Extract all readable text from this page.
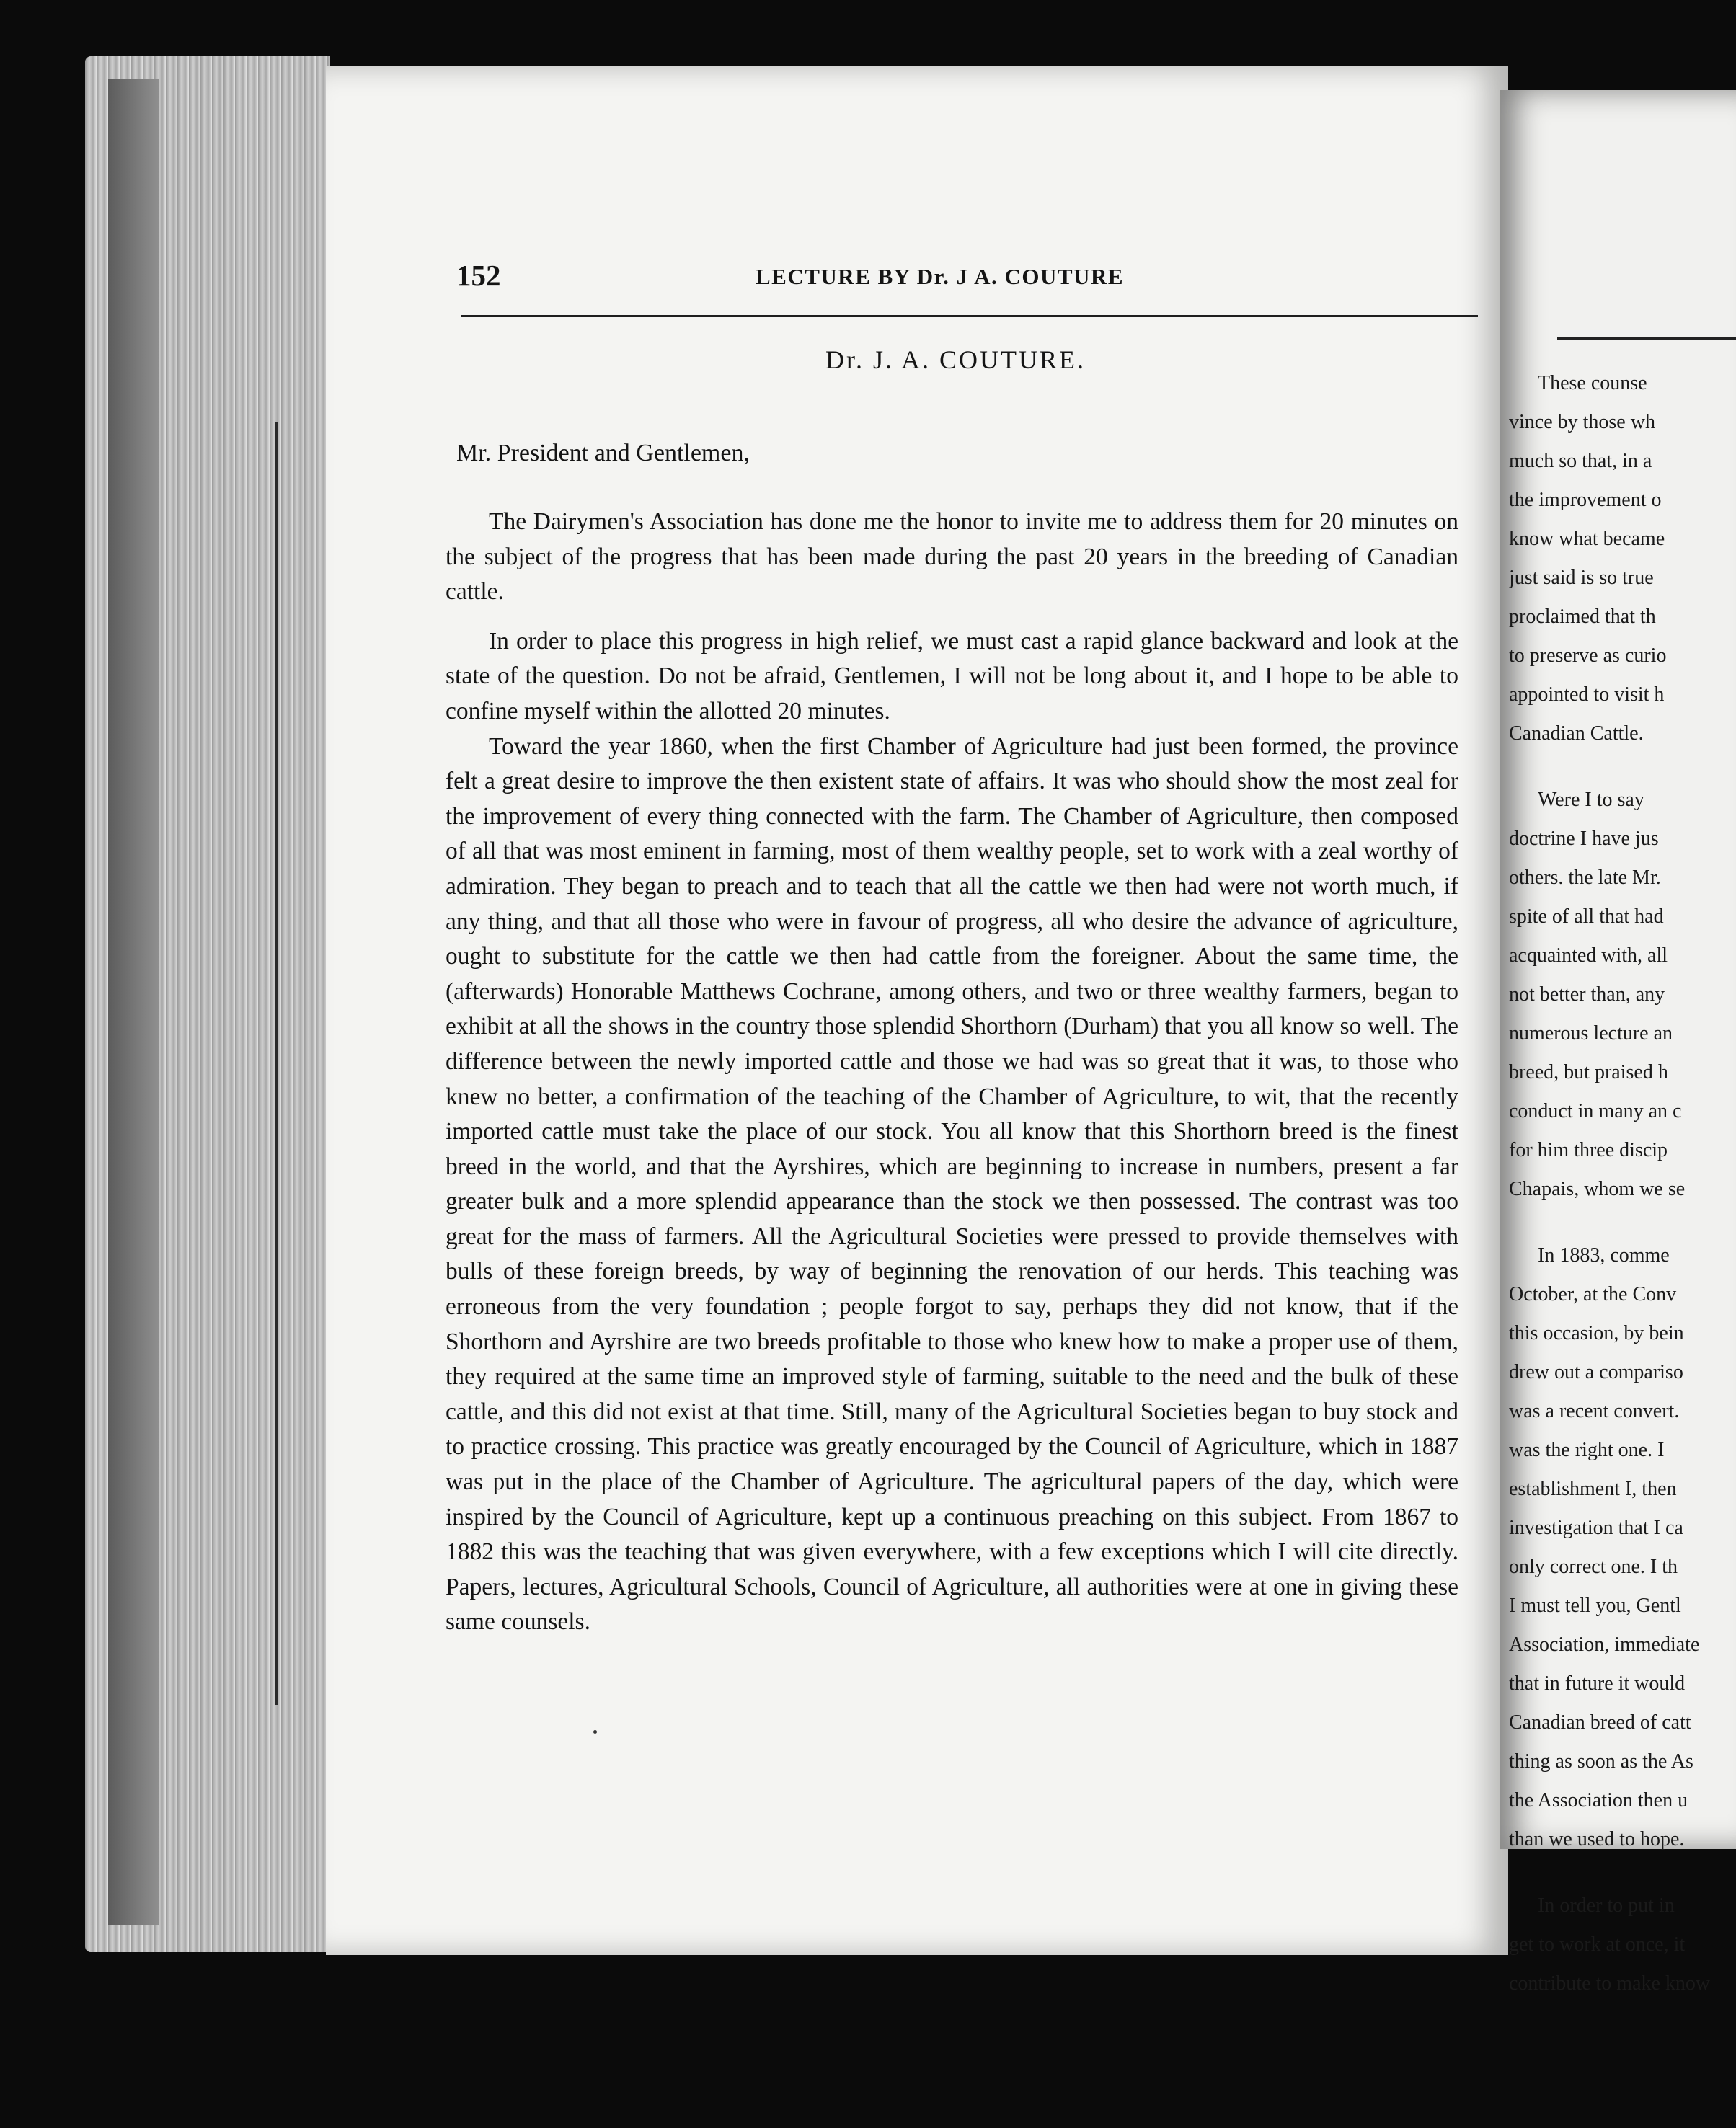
152	LECTURE BY Dr. J A. COUTURE
Dr. J. A. COUTURE.
Mr. President and Gentlemen,

The Dairymen's Association has done me the honor to invite me to address them for 20 minutes on the subject of the progress that has been made during the past 20 years in the breeding of Canadian cattle.

In order to place this progress in high relief, we must cast a rapid glance backward and look at the state of the question. Do not be afraid, Gentlemen, I will not be long about it, and I hope to be able to confine myself within the allotted 20 minutes.

Toward the year 1860, when the first Chamber of Agriculture had just been formed, the province felt a great desire to improve the then existent state of affairs. It was who should show the most zeal for the improvement of every thing connected with the farm. The Chamber of Agriculture, then composed of all that was most eminent in farming, most of them wealthy people, set to work with a zeal worthy of admiration. They began to preach and to teach that all the cattle we then had were not worth much, if any thing, and that all those who were in favour of progress, all who desire the advance of agriculture, ought to substitute for the cattle we then had cattle from the foreigner. About the same time, the (afterwards) Honorable Matthews Cochrane, among others, and two or three wealthy farmers, began to exhibit at all the shows in the country those splendid Shorthorn (Durham) that you all know so well. The difference between the newly imported cattle and those we had was so great that it was, to those who knew no better, a confirmation of the teaching of the Chamber of Agriculture, to wit, that the recently imported cattle must take the place of our stock. You all know that this Shorthorn breed is the finest breed in the world, and that the Ayrshires, which are beginning to increase in numbers, present a far greater bulk and a more splendid appearance than the stock we then possessed. The contrast was too great for the mass of farmers. All the Agricultural Societies were pressed to provide themselves with bulls of these foreign breeds, by way of beginning the renovation of our herds. This teaching was erroneous from the very foundation ; people forgot to say, perhaps they did not know, that if the Shorthorn and Ayrshire are two breeds profitable to those who knew how to make a proper use of them, they required at the same time an improved style of farming, suitable to the need and the bulk of these cattle, and this did not exist at that time. Still, many of the Agricultural Societies began to buy stock and to practice crossing. This practice was greatly encouraged by the Council of Agriculture, which in 1887 was put in the place of the Chamber of Agriculture. The agricultural papers of the day, which were inspired by the Council of Agriculture, kept up a continuous preaching on this subject. From 1867 to 1882 this was the teaching that was given everywhere, with a few exceptions which I will cite directly. Papers, lectures, Agricultural Schools, Council of Agriculture, all authorities were at one in giving these same counsels.

These counse
vince by those wh
much so that, in a
the improvement o
know what became
just said is so true
proclaimed that th
to preserve as curio
appointed to visit h
Canadian Cattle.
Were I to say
doctrine I have jus
others. the late Mr.
spite of all that had
acquainted with, all
not better than, any
numerous lecture an
breed, but praised h
conduct in many an c
for him three discip
Chapais, whom we se
In 1883, comme
October, at the Conv
this occasion, by bein
drew out a compariso
was a recent convert.
was the right one. I
establishment I, then
investigation that I ca
only correct one. I th
I must tell you, Gentl
Association, immediate
that in future it would
Canadian breed of catt
thing as soon as the As
the Association then u
than we used to hope.
In order to put in
get to work at once, it
contribute to make know
